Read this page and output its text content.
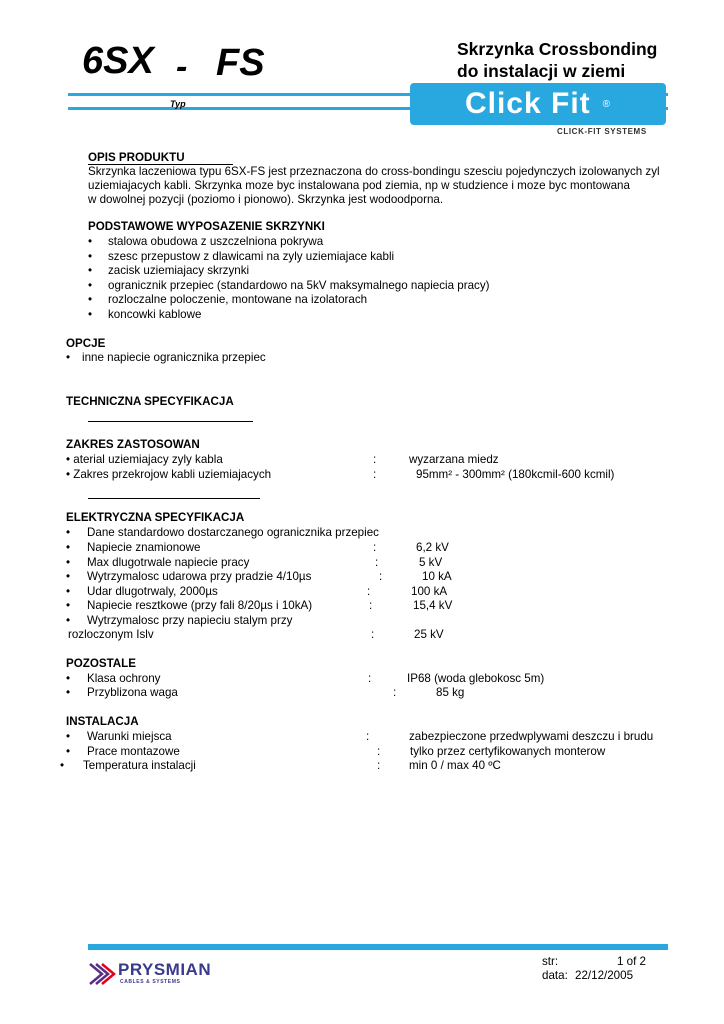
6SX - FS	Skrzynka Crossbonding
do instalacji w ziemi
Typ	Click Fit ®
CLICK-FIT SYSTEMS
OPIS PRODUKTU
Skrzynka laczeniowa typu 6SX-FS jest przeznaczona do cross-bondingu szesciu pojedynczych izolowanych zyl
uziemiajacych kabli. Skrzynka moze byc instalowana pod ziemia, np w studzience i moze byc montowana
w dowolnej pozycji (poziomo i pionowo). Skrzynka jest wodoodporna.
PODSTAWOWE WYPOSAZENIE SKRZYNKI
• stalowa obudowa z uszczelniona pokrywa
• szesc przepustow z dlawicami na zyly uziemiajace kabli
• zacisk uziemiajacy skrzynki
• ogranicznik przepiec (standardowo na 5kV maksymalnego napiecia pracy)
• rozloczalne poloczenie, montowane na izolatorach
• koncowki kablowe
OPCJE
• inne napiecie ogranicznika przepiec
TECHNICZNA SPECYFIKACJA
ZAKRES ZASTOSOWAN
• aterial uziemiajacy zyly kabla	:	wyzarzana miedz
• Zakres przekrojow kabli uziemiajacych	:	95mm² - 300mm² (180kcmil-600 kcmil)
ELEKTRYCZNA SPECYFIKACJA
• Dane standardowo dostarczanego ogranicznika przepiec
• Napiecie znamionowe	:	6,2 kV
• Max dlugotrwale napiecie pracy	:	5 kV
• Wytrzymalosc udarowa przy pradzie 4/10µs	:	10 kA
• Udar dlugotrwaly, 2000µs	:	100 kA
• Napiecie resztkowe (przy fali 8/20µs i 10kA)	:	15,4 kV
• Wytrzymalosc przy napieciu stalym przy
rozloczonym Islv	:	25 kV
POZOSTALE
• Klasa ochrony	:	IP68 (woda glebokosc 5m)
• Przyblizona waga	:	85 kg
INSTALACJA
• Warunki miejsca	:	zabezpieczone przedwplywami deszczu i brudu
• Prace montazowe	:	tylko przez certyfikowanych monterow
• Temperatura instalacji	: min 0 / max 40 ºC
PRYSMIAN
CABLES & SYSTEMS
str:	1 of 2
data: 22/12/2005
